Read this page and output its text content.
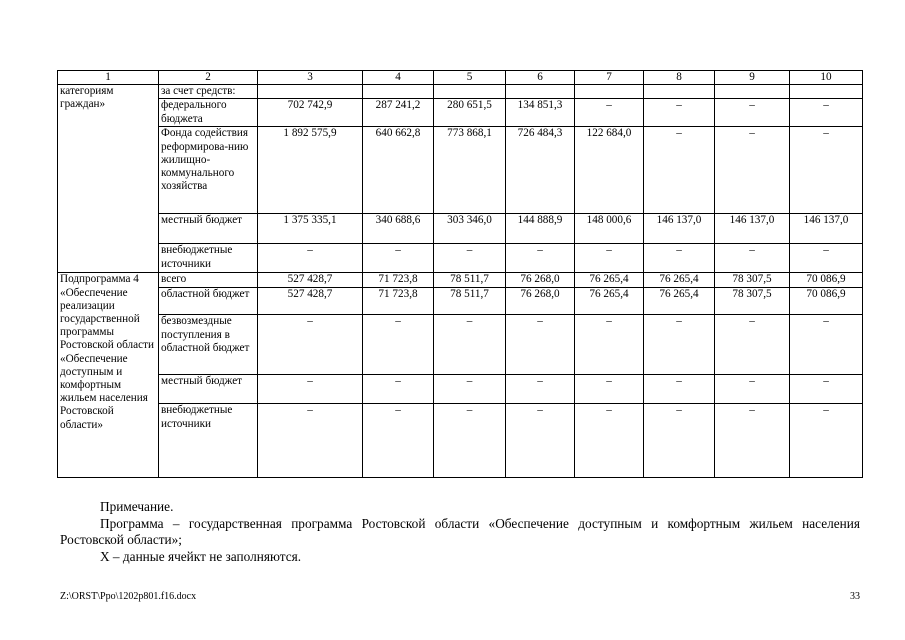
1	2	3	4	5	6	7	8	9	10
категориям граждан»	за счет средств:								
	федерального бюджета	702 742,9	287 241,2	280 651,5	134 851,3	–	–	–	–
	Фонда содействия реформирова-нию жилищно-коммунального хозяйства	1 892 575,9	640 662,8	773 868,1	726 484,3	122 684,0	–	–	–
	местный бюджет	1 375 335,1	340 688,6	303 346,0	144 888,9	148 000,6	146 137,0	146 137,0	146 137,0
	внебюджетные источники	–	–	–	–	–	–	–	–
Подпрограмма 4 «Обеспечение реализации государственной программы Ростовской области «Обеспечение доступным и комфортным жильем населения Ростовской области»	всего	527 428,7	71 723,8	78 511,7	76 268,0	76 265,4	76 265,4	78 307,5	70 086,9
	областной бюджет	527 428,7	71 723,8	78 511,7	76 268,0	76 265,4	76 265,4	78 307,5	70 086,9
	безвозмездные поступления в областной бюджет	–	–	–	–	–	–	–	–
	местный бюджет	–	–	–	–	–	–	–	–
	внебюджетные источники	–	–	–	–	–	–	–	–
Примечание.
Программа – государственная программа Ростовской области «Обеспечение доступным и комфортным жильем населения Ростовской области»;
Х – данные ячейкт не заполняются.
Z:\ORST\Ppo\1202p801.f16.docx	33
